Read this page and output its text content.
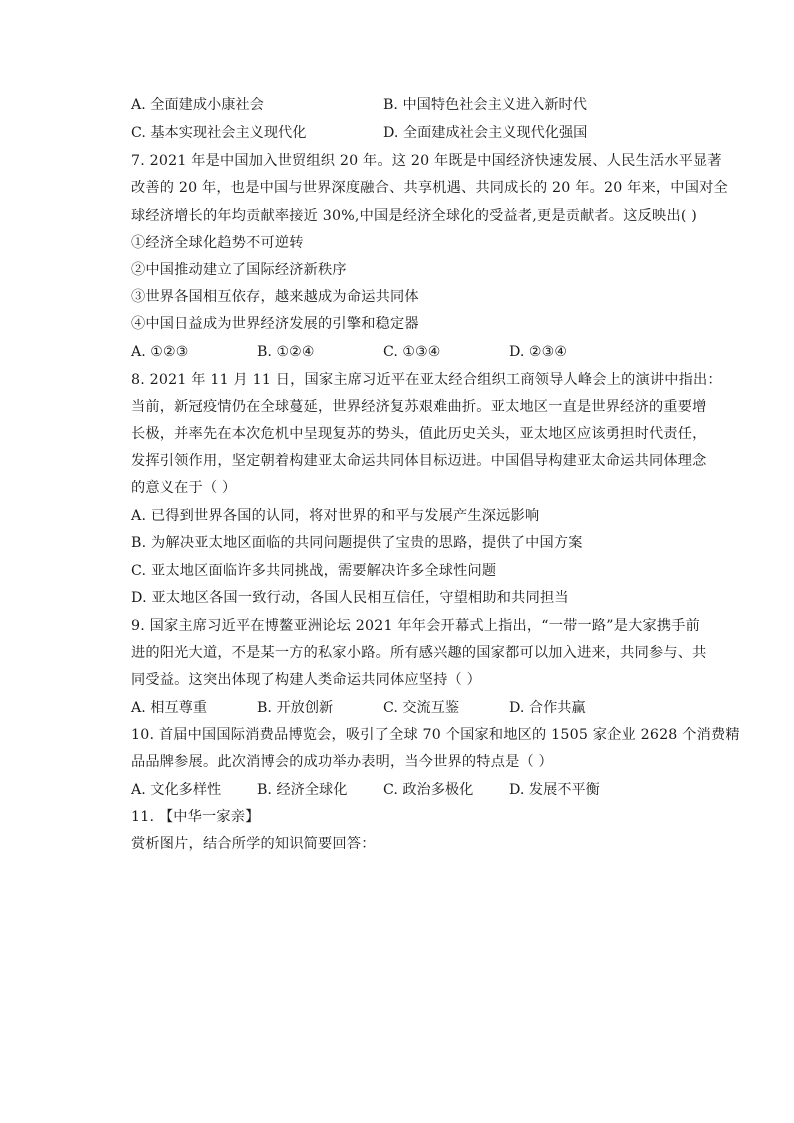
A. 全面建成小康社会	B. 中国特色社会主义进入新时代
C. 基本实现社会主义现代化	D. 全面建成社会主义现代化强国
7. 2021 年是中国加入世贸组织 20 年。这 20 年既是中国经济快速发展、人民生活水平显著
改善的 20 年，也是中国与世界深度融合、共享机遇、共同成长的 20 年。20 年来，中国对全
球经济增长的年均贡献率接近 30%,中国是经济全球化的受益者,更是贡献者。这反映出( )
①经济全球化趋势不可逆转
②中国推动建立了国际经济新秩序
③世界各国相互依存，越来越成为命运共同体
④中国日益成为世界经济发展的引擎和稳定器
A. ①②③	B. ①②④	C. ①③④	D. ②③④
8. 2021 年 11 月 11 日，国家主席习近平在亚太经合组织工商领导人峰会上的演讲中指出：
当前，新冠疫情仍在全球蔓延，世界经济复苏艰难曲折。亚太地区一直是世界经济的重要增
长极，并率先在本次危机中呈现复苏的势头，值此历史关头，亚太地区应该勇担时代责任，
发挥引领作用，坚定朝着构建亚太命运共同体目标迈进。中国倡导构建亚太命运共同体理念
的意义在于（ ）
A. 已得到世界各国的认同，将对世界的和平与发展产生深远影响
B. 为解决亚太地区面临的共同问题提供了宝贵的思路，提供了中国方案
C. 亚太地区面临许多共同挑战，需要解决许多全球性问题
D. 亚太地区各国一致行动，各国人民相互信任，守望相助和共同担当
9. 国家主席习近平在博鳌亚洲论坛 2021 年年会开幕式上指出，“一带一路”是大家携手前
进的阳光大道，不是某一方的私家小路。所有感兴趣的国家都可以加入进来，共同参与、共
同受益。这突出体现了构建人类命运共同体应坚持（ ）
A. 相互尊重	B. 开放创新	C. 交流互鉴	D. 合作共赢
10. 首届中国国际消费品博览会，吸引了全球 70 个国家和地区的 1505 家企业 2628 个消费精
品品牌参展。此次消博会的成功举办表明，当今世界的特点是（ ）
A. 文化多样性	B. 经济全球化	C. 政治多极化	D. 发展不平衡
11. 【中华一家亲】
赏析图片，结合所学的知识简要回答：
